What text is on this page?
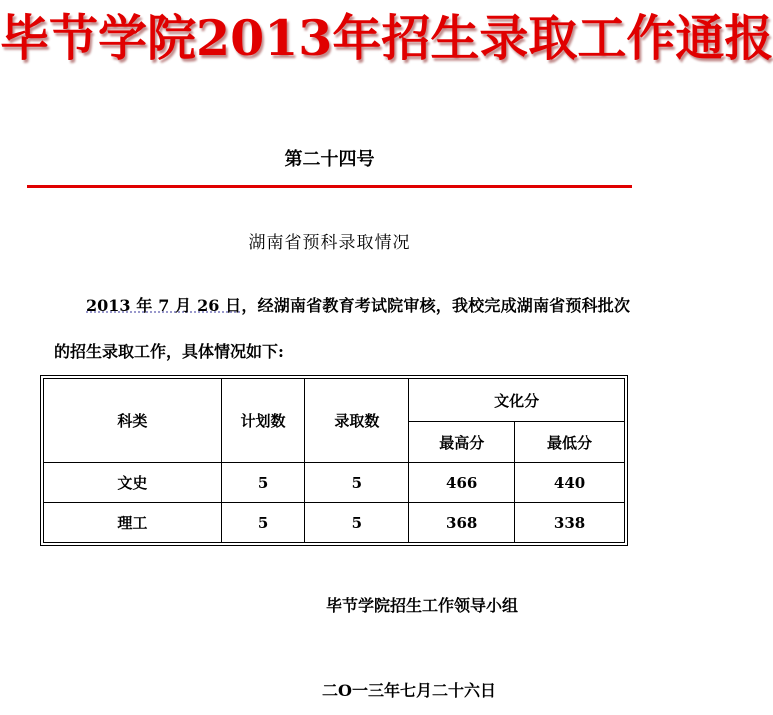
毕节学院2013年招生录取工作通报
第二十四号
湖南省预科录取情况
2013 年 7 月 26 日，经湖南省教育考试院审核，我校完成湖南省预科批次的招生录取工作，具体情况如下:
科类	计划数	录取数	文化分	
			最高分	最低分
文史	5	5	466	440
理工	5	5	368	338
毕节学院招生工作领导小组
二O一三年七月二十六日
